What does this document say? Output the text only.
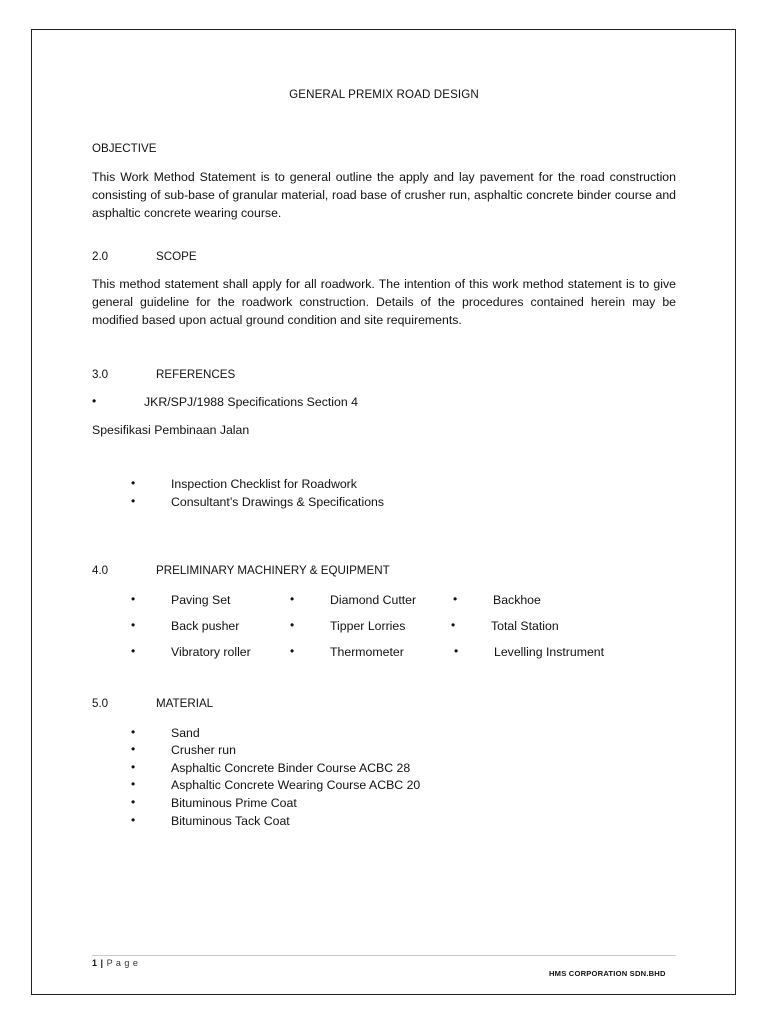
GENERAL PREMIX ROAD DESIGN
OBJECTIVE
This Work Method Statement is to general outline the apply and lay pavement for the road construction consisting of sub-base of granular material, road base of crusher run, asphaltic concrete binder course and asphaltic concrete wearing course.
2.0	SCOPE
This method statement shall apply for all roadwork. The intention of this work method statement is to give general guideline for the roadwork construction. Details of the procedures contained herein may be modified based upon actual ground condition and site requirements.
3.0	REFERENCES
•	JKR/SPJ/1988 Specifications Section 4
Spesifikasi Pembinaan Jalan
•	Inspection Checklist for Roadwork
•	Consultant’s Drawings & Specifications
4.0	PRELIMINARY MACHINERY & EQUIPMENT
•	Paving Set	•	Diamond Cutter	•	Backhoe
•	Back pusher	•	Tipper Lorries	•	Total Station
•	Vibratory roller	•	Thermometer	•	Levelling Instrument
5.0	MATERIAL
•	Sand
•	Crusher run
•	Asphaltic Concrete Binder Course ACBC 28
•	Asphaltic Concrete Wearing Course ACBC 20
•	Bituminous Prime Coat
•	Bituminous Tack Coat
1 | P a g e
HMS CORPORATION SDN.BHD
